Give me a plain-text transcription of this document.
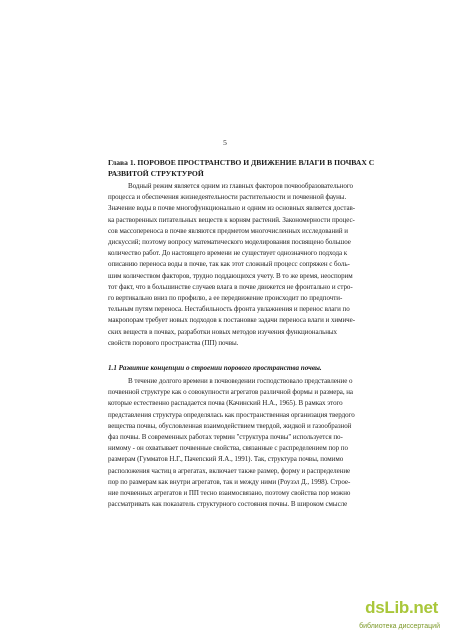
5
Глава 1. ПОРОВОЕ ПРОСТРАНСТВО И ДВИЖЕНИЕ ВЛАГИ В ПОЧВАХ С
РАЗВИТОЙ СТРУКТУРОЙ
Водный режим является одним из главных факторов почвообразовательного
процесса и обеспечения жизнедеятельности растительности и почвенной фауны.
Значение воды в почве многофункционально и одним из основных является достав-
ка растворенных питательных веществ к корням растений. Закономерности процес-
сов массопереноса в почве являются предметом многочисленных исследований и
дискуссий; поэтому вопросу математического моделирования посвящено большое
количество работ. До настоящего времени не существует однозначного подхода к
описанию переноса воды в почве, так как этот сложный процесс сопряжен с боль-
шим количеством факторов, трудно поддающихся учету. В то же время, неоспорим
тот факт, что в большинстве случаев влага в почве движется не фронтально и стро-
го вертикально вниз по профилю, а ее передвижение происходит по предпочти-
тельным путям переноса. Нестабильность фронта увлажнения и перенос влаги по
макропорам требует новых подходов к постановке задачи переноса влаги и химиче-
ских веществ в почвах, разработки новых методов изучения функциональных
свойств порового пространства (ПП) почвы.
1.1 Развитие концепции о строении порового пространства почвы.
В течение долгого времени в почвоведении господствовало представление о
почвенной структуре как о совокупности агрегатов различной формы и размера, на
которые естественно распадается почва (Качинский Н.А., 1965). В рамках этого
представления структура определялась как пространственная организация твердого
вещества почвы, обусловленная взаимодействием твердой, жидкой и газообразной
фаз почвы. В современных работах термин "структура почвы" используется по-
нимому - он охватывает почвенные свойства, связанные с распределением пор по
размерам (Гумматов Н.Г., Пачепский Я.А., 1991). Так, структура почвы, помимо
расположения частиц в агрегатах, включает также размер, форму и распределение
пор по размерам как внутри агрегатов, так и между ними (Роузэл Д., 1998). Строе-
ние почвенных агрегатов и ПП тесно взаимосвязано, поэтому свойства пор можно
рассматривать как показатель структурного состояния почвы. В широком смысле
dsLib.net
библиотека диссертаций
